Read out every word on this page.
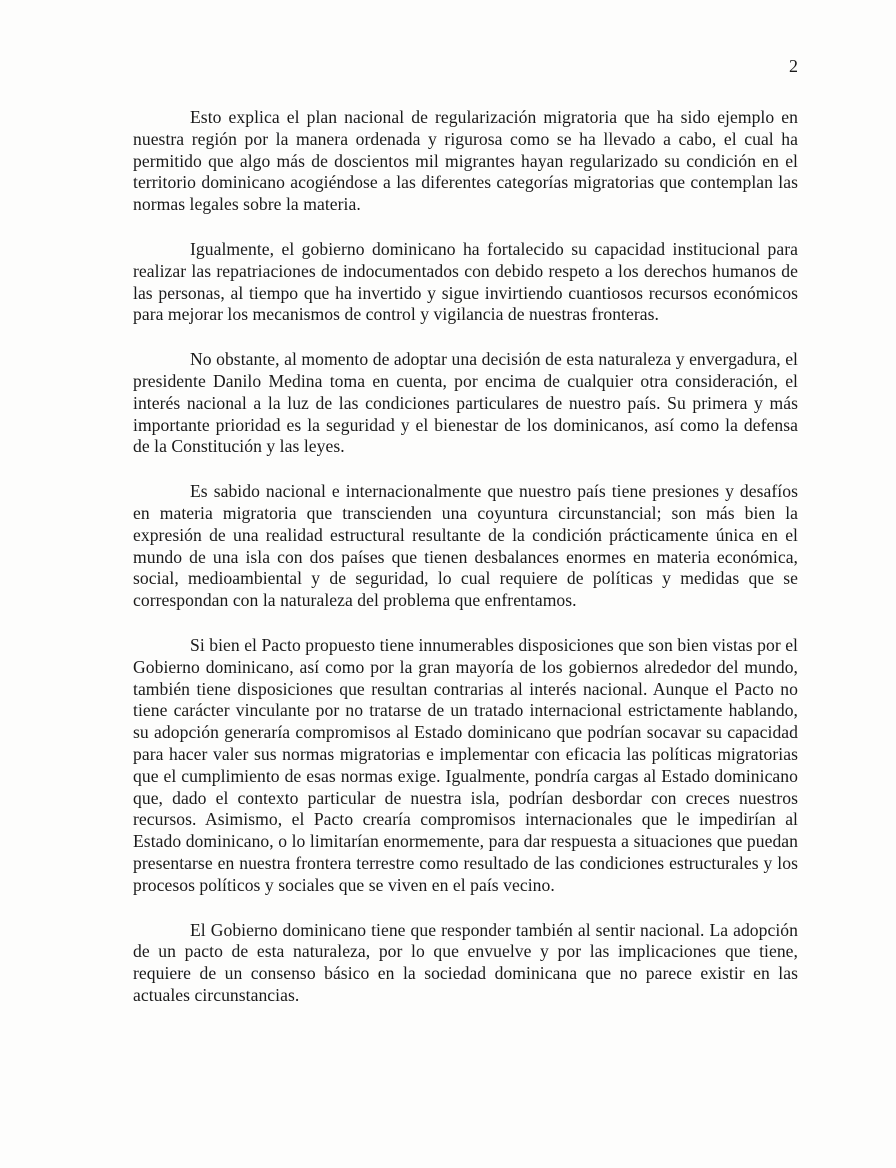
2

Esto explica el plan nacional de regularización migratoria que ha sido ejemplo en nuestra región por la manera ordenada y rigurosa como se ha llevado a cabo, el cual ha permitido que algo más de doscientos mil migrantes hayan regularizado su condición en el territorio dominicano acogiéndose a las diferentes categorías migratorias que contemplan las normas legales sobre la materia.

Igualmente, el gobierno dominicano ha fortalecido su capacidad institucional para realizar las repatriaciones de indocumentados con debido respeto a los derechos humanos de las personas, al tiempo que ha invertido y sigue invirtiendo cuantiosos recursos económicos para mejorar los mecanismos de control y vigilancia de nuestras fronteras.

No obstante, al momento de adoptar una decisión de esta naturaleza y envergadura, el presidente Danilo Medina toma en cuenta, por encima de cualquier otra consideración, el interés nacional a la luz de las condiciones particulares de nuestro país. Su primera y más importante prioridad es la seguridad y el bienestar de los dominicanos, así como la defensa de la Constitución y las leyes.

Es sabido nacional e internacionalmente que nuestro país tiene presiones y desafíos en materia migratoria que transcienden una coyuntura circunstancial; son más bien la expresión de una realidad estructural resultante de la condición prácticamente única en el mundo de una isla con dos países que tienen desbalances enormes en materia económica, social, medioambiental y de seguridad, lo cual requiere de políticas y medidas que se correspondan con la naturaleza del problema que enfrentamos.

Si bien el Pacto propuesto tiene innumerables disposiciones que son bien vistas por el Gobierno dominicano, así como por la gran mayoría de los gobiernos alrededor del mundo, también tiene disposiciones que resultan contrarias al interés nacional. Aunque el Pacto no tiene carácter vinculante por no tratarse de un tratado internacional estrictamente hablando, su adopción generaría compromisos al Estado dominicano que podrían socavar su capacidad para hacer valer sus normas migratorias e implementar con eficacia las políticas migratorias que el cumplimiento de esas normas exige. Igualmente, pondría cargas al Estado dominicano que, dado el contexto particular de nuestra isla, podrían desbordar con creces nuestros recursos. Asimismo, el Pacto crearía compromisos internacionales que le impedirían al Estado dominicano, o lo limitarían enormemente, para dar respuesta a situaciones que puedan presentarse en nuestra frontera terrestre como resultado de las condiciones estructurales y los procesos políticos y sociales que se viven en el país vecino.

El Gobierno dominicano tiene que responder también al sentir nacional. La adopción de un pacto de esta naturaleza, por lo que envuelve y por las implicaciones que tiene, requiere de un consenso básico en la sociedad dominicana que no parece existir en las actuales circunstancias.
